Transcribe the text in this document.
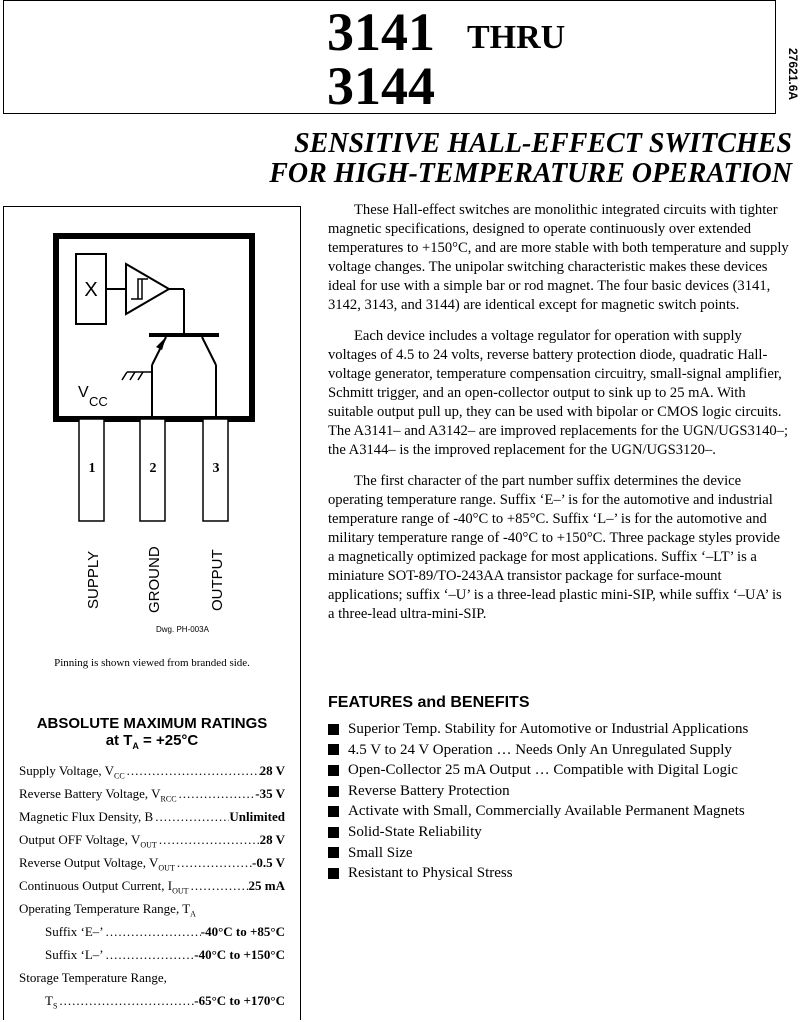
3141 THRU
3144	27621.6A
SENSITIVE HALL-EFFECT SWITCHES
FOR HIGH-TEMPERATURE OPERATION
X
V
CC
1	2	3
SUPPLY	GROUND	OUTPUT
Dwg. PH-003A
Pinning is shown viewed from branded side.
ABSOLUTE MAXIMUM RATINGS
at $T_A = +25^\circ C$
Supply Voltage, $V_{CC}$ .....	28 V
Reverse Battery Voltage, $V_{RCC}$ .....	-35 V
Magnetic Flux Density, B .....	Unlimited
Output OFF Voltage, $V_{OUT}$ .....	28 V
Reverse Output Voltage, $V_{OUT}$ .....	-0.5 V
Continuous Output Current, $I_{OUT}$ .....	25 mA
Operating Temperature Range, $T_A$
Suffix ‘E–’ .....	-40°C to +85°C
Suffix ‘L–’ .....	-40°C to +150°C
Storage Temperature Range,
$T_S$ .....	-65°C to +170°C

These Hall-effect switches are monolithic integrated circuits with tighter magnetic specifications, designed to operate continuously over extended temperatures to +150°C, and are more stable with both temperature and supply voltage changes. The unipolar switching characteristic makes these devices ideal for use with a simple bar or rod magnet. The four basic devices (3141, 3142, 3143, and 3144) are identical except for magnetic switch points.

Each device includes a voltage regulator for operation with supply voltages of 4.5 to 24 volts, reverse battery protection diode, quadratic Hall-voltage generator, temperature compensation circuitry, small-signal amplifier, Schmitt trigger, and an open-collector output to sink up to 25 mA. With suitable output pull up, they can be used with bipolar or CMOS logic circuits. The A3141– and A3142– are improved replacements for the UGN/UGS3140–; the A3144– is the improved replacement for the UGN/UGS3120–.

The first character of the part number suffix determines the device operating temperature range. Suffix ‘E–’ is for the automotive and industrial temperature range of -40°C to +85°C. Suffix ‘L–’ is for the automotive and military temperature range of -40°C to +150°C. Three package styles provide a magnetically optimized package for most applications. Suffix ‘–LT’ is a miniature SOT-89/TO-243AA transistor package for surface-mount applications; suffix ‘–U’ is a three-lead plastic mini-SIP, while suffix ‘–UA’ is a three-lead ultra-mini-SIP.

FEATURES and BENEFITS
Superior Temp. Stability for Automotive or Industrial Applications
4.5 V to 24 V Operation … Needs Only An Unregulated Supply
Open-Collector 25 mA Output … Compatible with Digital Logic
Reverse Battery Protection
Activate with Small, Commercially Available Permanent Magnets
Solid-State Reliability
Small Size
Resistant to Physical Stress
